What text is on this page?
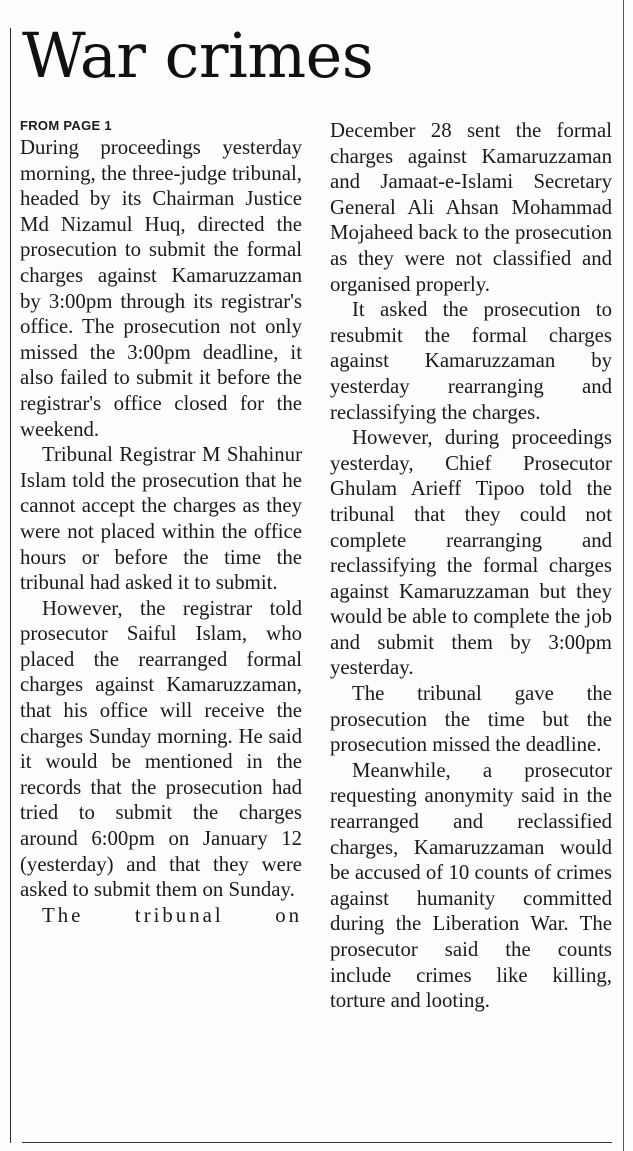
War crimes
FROM PAGE 1

During proceedings yesterday morning, the three-judge tribunal, headed by its Chairman Justice Md Nizamul Huq, directed the prosecution to submit the formal charges against Kamaruzzaman by 3:00pm through its registrar's office. The prosecution not only missed the 3:00pm deadline, it also failed to submit it before the registrar's office closed for the weekend.

Tribunal Registrar M Shahinur Islam told the prosecution that he cannot accept the charges as they were not placed within the office hours or before the time the tribunal had asked it to submit.

However, the registrar told prosecutor Saiful Islam, who placed the rearranged formal charges against Kamaruzzaman, that his office will receive the charges Sunday morning. He said it would be mentioned in the records that the prosecution had tried to submit the charges around 6:00pm on January 12 (yesterday) and that they were asked to submit them on Sunday.

The tribunal on

December 28 sent the formal charges against Kamaruzzaman and Jamaat-e-Islami Secretary General Ali Ahsan Mohammad Mojaheed back to the prosecution as they were not classified and organised properly.

It asked the prosecution to resubmit the formal charges against Kamaruzzaman by yesterday rearranging and reclassifying the charges.

However, during proceedings yesterday, Chief Prosecutor Ghulam Arieff Tipoo told the tribunal that they could not complete rearranging and reclassifying the formal charges against Kamaruzzaman but they would be able to complete the job and submit them by 3:00pm yesterday.

The tribunal gave the prosecution the time but the prosecution missed the deadline.

Meanwhile, a prosecutor requesting anonymity said in the rearranged and reclassified charges, Kamaruzzaman would be accused of 10 counts of crimes against humanity committed during the Liberation War. The prosecutor said the counts include crimes like killing, torture and looting.
